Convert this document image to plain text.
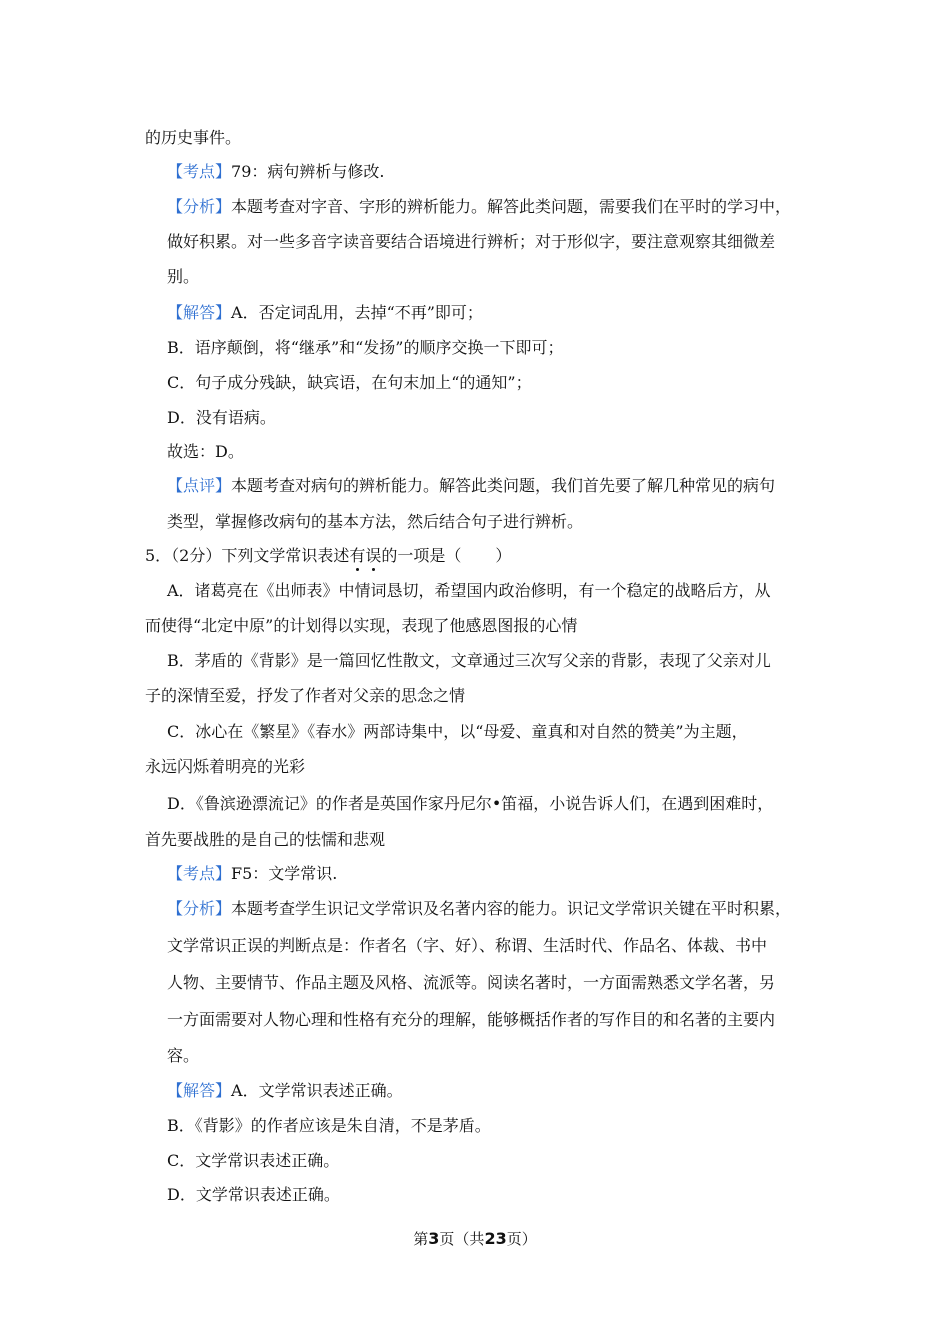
的历史事件。
【考点】79：病句辨析与修改.
【分析】本题考查对字音、字形的辨析能力。解答此类问题，需要我们在平时的学习中，
做好积累。对一些多音字读音要结合语境进行辨析；对于形似字，要注意观察其细微差
别。
【解答】A．否定词乱用，去掉“不再”即可；
B．语序颠倒，将“继承”和“发扬”的顺序交换一下即可；
C．句子成分残缺，缺宾语，在句末加上“的通知”；
D．没有语病。
故选：D。
【点评】本题考查对病句的辨析能力。解答此类问题，我们首先要了解几种常见的病句
类型，掌握修改病句的基本方法，然后结合句子进行辨析。
5．（2分）下列文学常识表述有
误
的一项是（ ）
A．诸葛亮在《出师表》中情词恳切，希望国内政治修明，有一个稳定的战略后方，从
而使得“北定中原”的计划得以实现，表现了他感恩图报的心情
B．茅盾的《背影》是一篇回忆性散文，文章通过三次写父亲的背影，表现了父亲对儿
子的深情至爱，抒发了作者对父亲的思念之情
C．冰心在《繁星》《春水》两部诗集中，以“母爱、童真和对自然的赞美”为主题，
永远闪烁着明亮的光彩
D．《鲁滨逊漂流记》的作者是英国作家丹尼尔•笛福，小说告诉人们，在遇到困难时，
首先要战胜的是自己的怯懦和悲观
【考点】F5：文学常识.
【分析】本题考查学生识记文学常识及名著内容的能力。识记文学常识关键在平时积累，
文学常识正误的判断点是：作者名（字、好）、称谓、生活时代、作品名、体裁、书中
人物、主要情节、作品主题及风格、流派等。阅读名著时，一方面需熟悉文学名著，另
一方面需要对人物心理和性格有充分的理解，能够概括作者的写作目的和名著的主要内
容。
【解答】A．文学常识表述正确。
B．《背影》的作者应该是朱自清，不是茅盾。
C．文学常识表述正确。
D．文学常识表述正确。
第3页（共23页）
